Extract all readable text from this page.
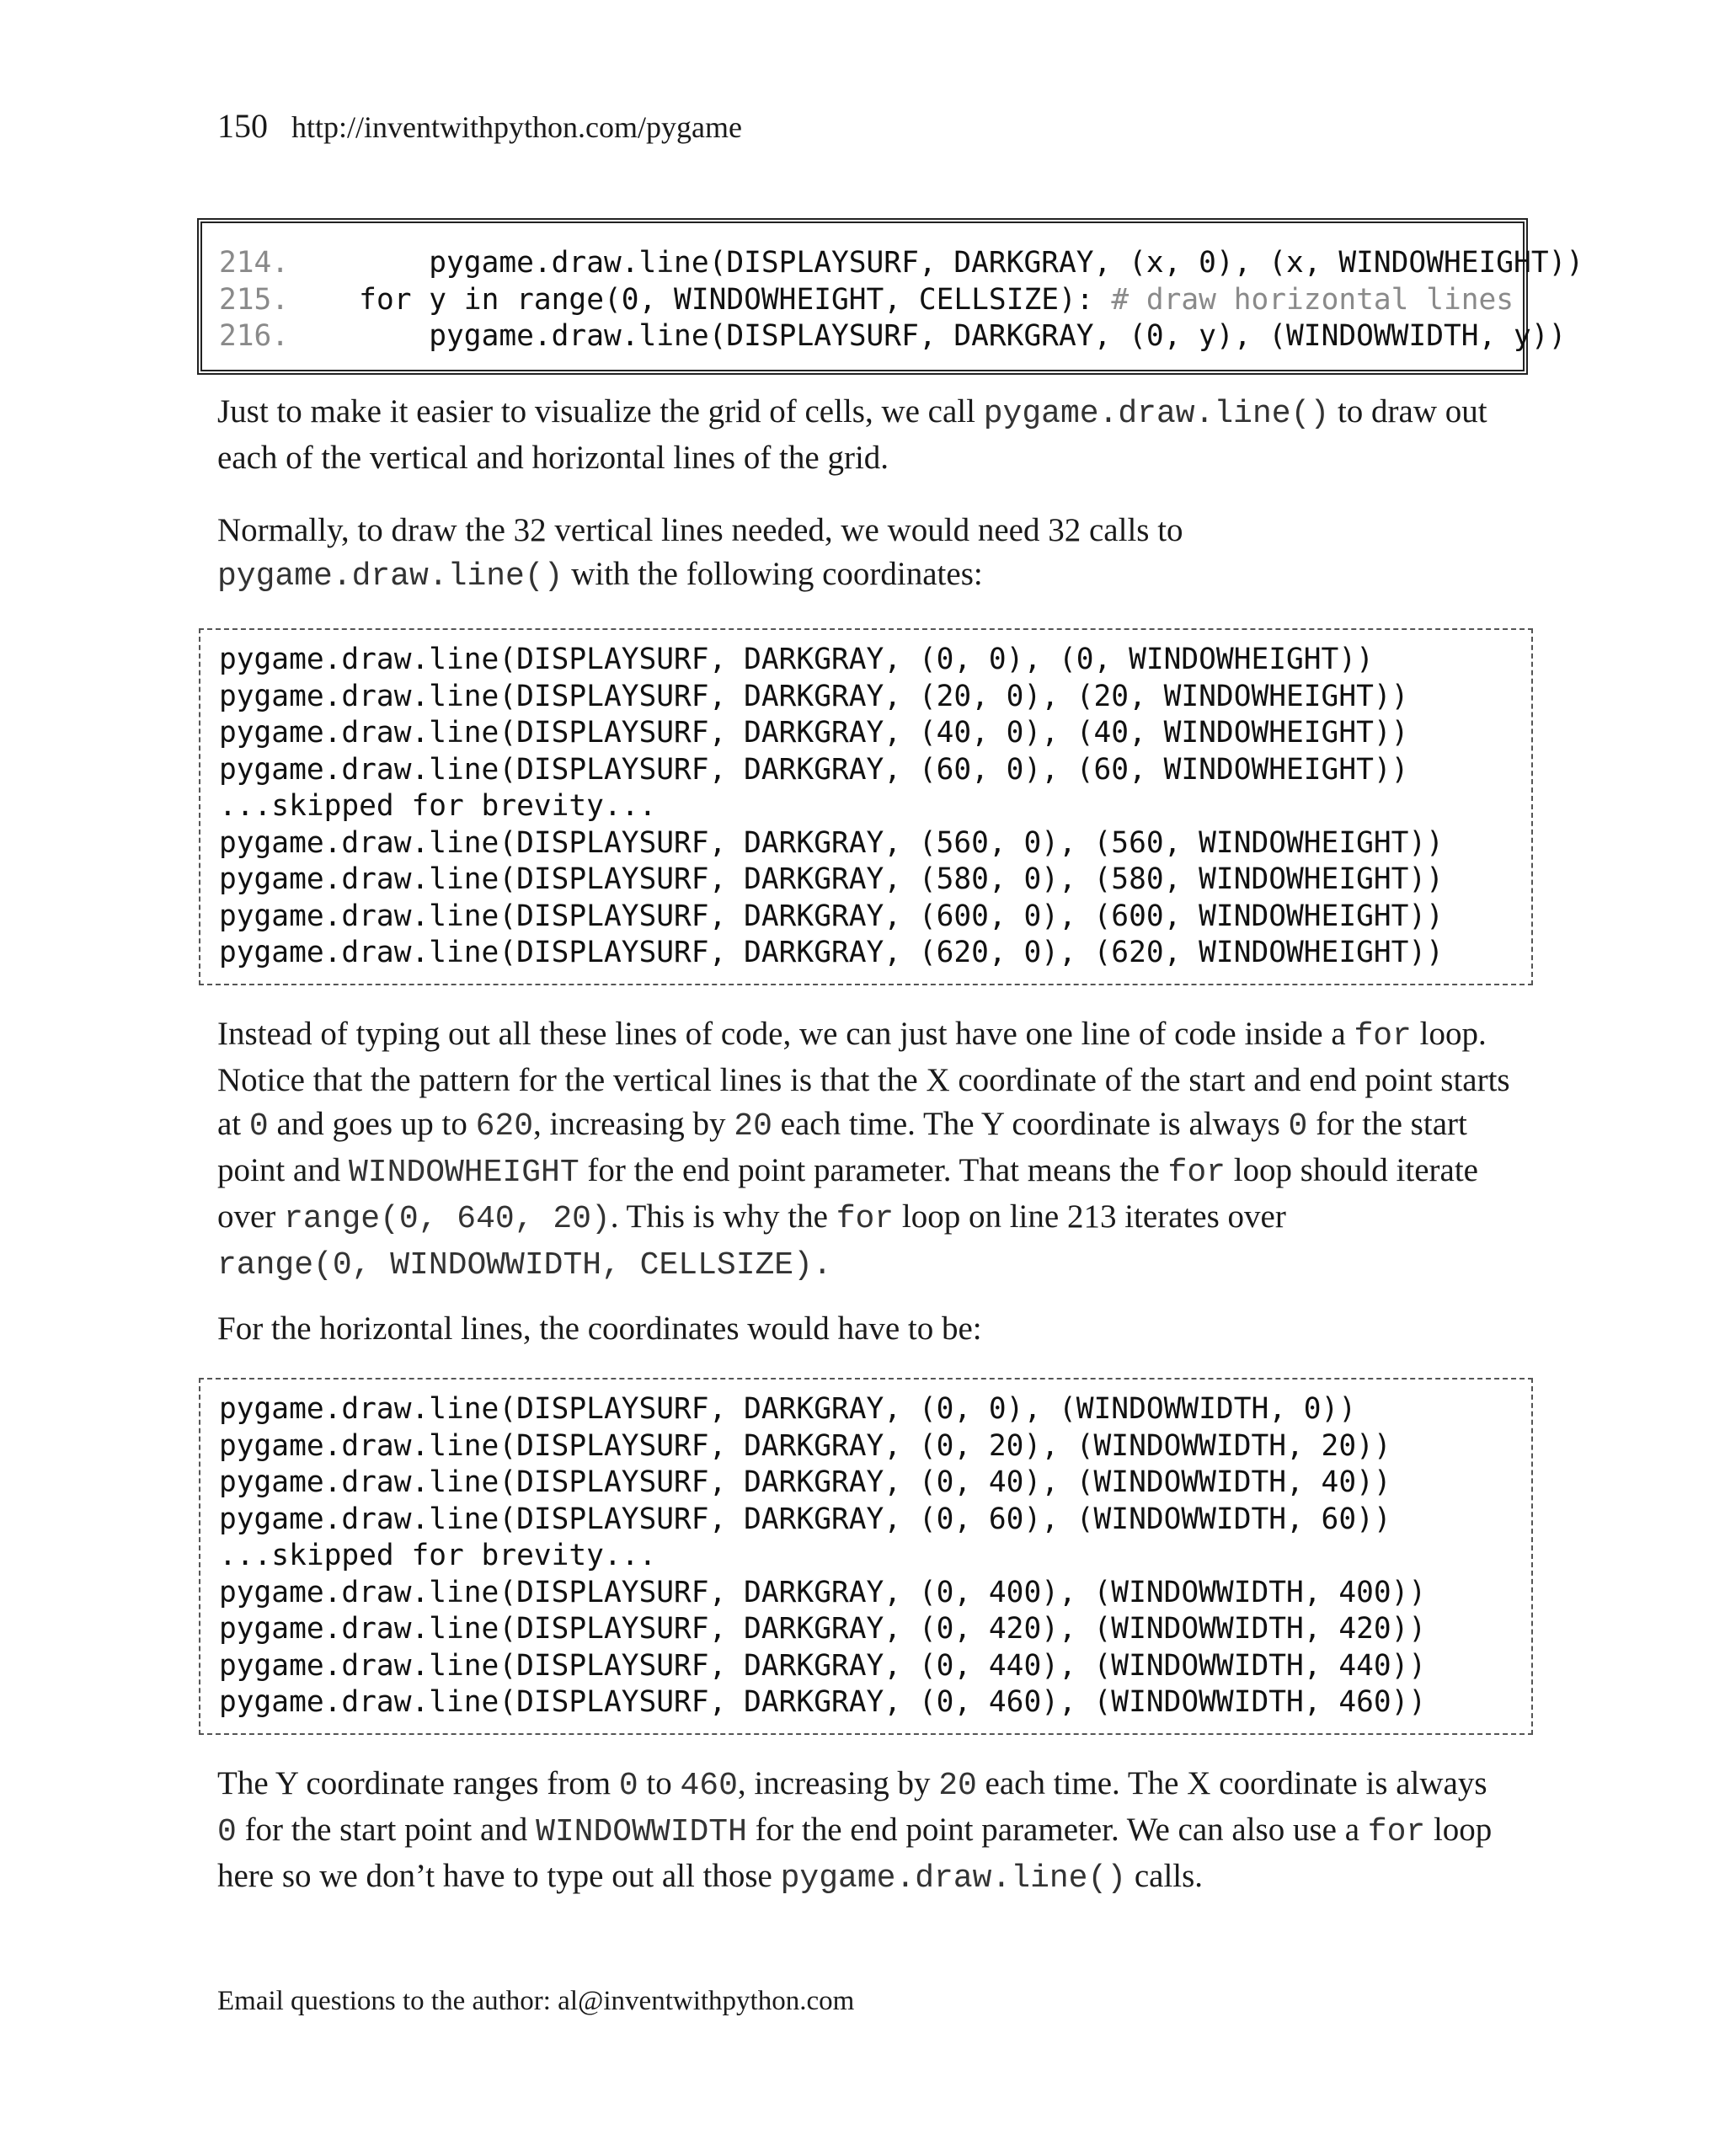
150 http://inventwithpython.com/pygame
214.        pygame.draw.line(DISPLAYSURF, DARKGRAY, (x, 0), (x, WINDOWHEIGHT))
215.    for y in range(0, WINDOWHEIGHT, CELLSIZE): # draw horizontal lines
216.        pygame.draw.line(DISPLAYSURF, DARKGRAY, (0, y), (WINDOWWIDTH, y))

Just to make it easier to visualize the grid of cells, we call pygame.draw.line() to draw out each of the vertical and horizontal lines of the grid.

Normally, to draw the 32 vertical lines needed, we would need 32 calls to pygame.draw.line() with the following coordinates:

pygame.draw.line(DISPLAYSURF, DARKGRAY, (0, 0), (0, WINDOWHEIGHT))
pygame.draw.line(DISPLAYSURF, DARKGRAY, (20, 0), (20, WINDOWHEIGHT))
pygame.draw.line(DISPLAYSURF, DARKGRAY, (40, 0), (40, WINDOWHEIGHT))
pygame.draw.line(DISPLAYSURF, DARKGRAY, (60, 0), (60, WINDOWHEIGHT))
...skipped for brevity...
pygame.draw.line(DISPLAYSURF, DARKGRAY, (560, 0), (560, WINDOWHEIGHT))
pygame.draw.line(DISPLAYSURF, DARKGRAY, (580, 0), (580, WINDOWHEIGHT))
pygame.draw.line(DISPLAYSURF, DARKGRAY, (600, 0), (600, WINDOWHEIGHT))
pygame.draw.line(DISPLAYSURF, DARKGRAY, (620, 0), (620, WINDOWHEIGHT))

Instead of typing out all these lines of code, we can just have one line of code inside a for loop. Notice that the pattern for the vertical lines is that the X coordinate of the start and end point starts at 0 and goes up to 620, increasing by 20 each time. The Y coordinate is always 0 for the start point and WINDOWHEIGHT for the end point parameter. That means the for loop should iterate over range(0, 640, 20). This is why the for loop on line 213 iterates over
range(0, WINDOWWIDTH, CELLSIZE).

For the horizontal lines, the coordinates would have to be:

pygame.draw.line(DISPLAYSURF, DARKGRAY, (0, 0), (WINDOWWIDTH, 0))
pygame.draw.line(DISPLAYSURF, DARKGRAY, (0, 20), (WINDOWWIDTH, 20))
pygame.draw.line(DISPLAYSURF, DARKGRAY, (0, 40), (WINDOWWIDTH, 40))
pygame.draw.line(DISPLAYSURF, DARKGRAY, (0, 60), (WINDOWWIDTH, 60))
...skipped for brevity...
pygame.draw.line(DISPLAYSURF, DARKGRAY, (0, 400), (WINDOWWIDTH, 400))
pygame.draw.line(DISPLAYSURF, DARKGRAY, (0, 420), (WINDOWWIDTH, 420))
pygame.draw.line(DISPLAYSURF, DARKGRAY, (0, 440), (WINDOWWIDTH, 440))
pygame.draw.line(DISPLAYSURF, DARKGRAY, (0, 460), (WINDOWWIDTH, 460))

The Y coordinate ranges from 0 to 460, increasing by 20 each time. The X coordinate is always
0 for the start point and WINDOWWIDTH for the end point parameter. We can also use a for loop here so we don’t have to type out all those pygame.draw.line() calls.

Email questions to the author: al@inventwithpython.com
